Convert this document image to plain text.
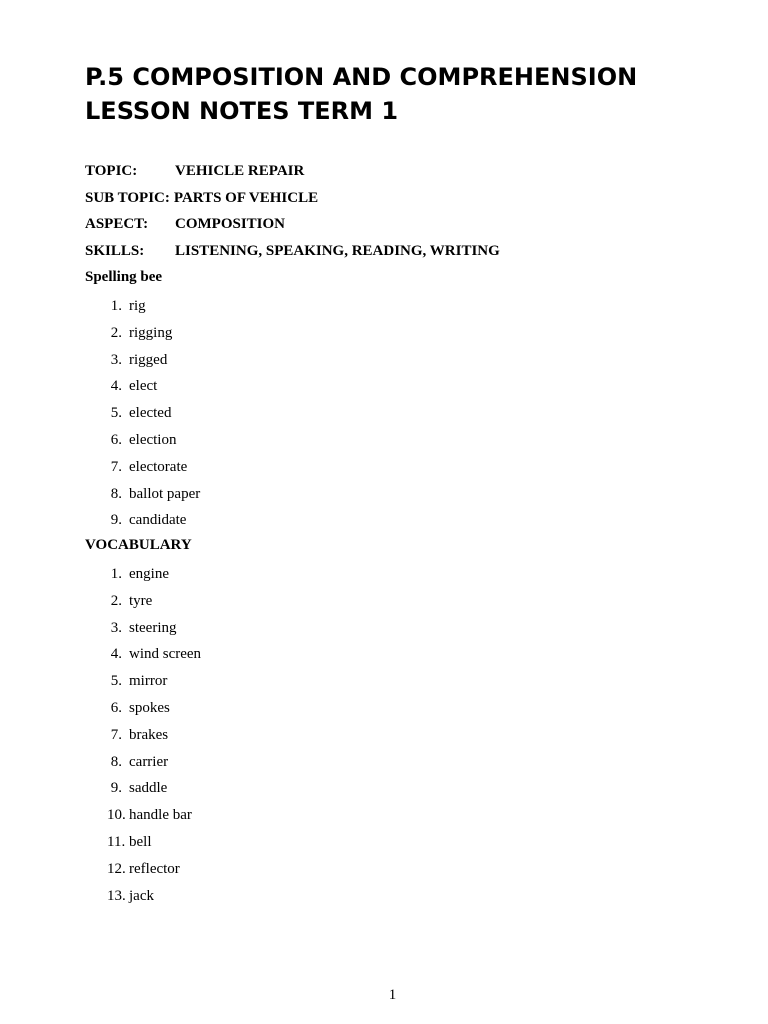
P.5 COMPOSITION AND COMPREHENSION
LESSON NOTES TERM 1
TOPIC:	VEHICLE REPAIR
SUB TOPIC: PARTS OF VEHICLE
ASPECT: COMPOSITION
SKILLS: LISTENING, SPEAKING, READING, WRITING
Spelling bee
1. rig
2. rigging
3. rigged
4. elect
5. elected
6. election
7. electorate
8. ballot paper
9. candidate
VOCABULARY
1. engine
2. tyre
3. steering
4. wind screen
5. mirror
6. spokes
7. brakes
8. carrier
9. saddle
10. handle bar
11. bell
12. reflector
13. jack
1
